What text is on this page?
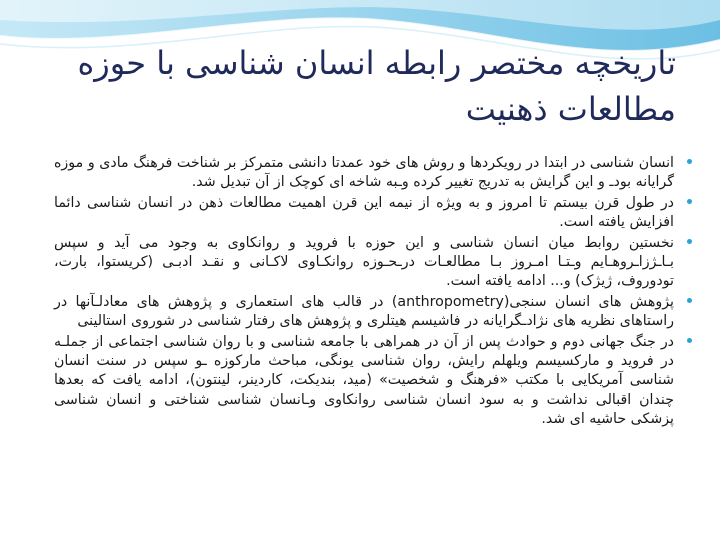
تاریخچه مختصر رابطه انسان شناسی با حوزه مطالعات ذهنیت
انسان شناسی در ابتدا در رویکردها و روش های خود عمدتا دانشی متمرکز بر شناخت فرهنگ مادی و موزه گرایانه بودـ و این گرایش به تدریج تغییر کرده وـبه شاخه ای کوچک از آن تبدیل شد.
در طول قرن بیستم تا امروز و به ویژه از نیمه این قرن اهمیت مطالعات ذهن در انسان شناسی دائما افزایش یافته است.
نخستین روابط میان انسان شناسی و این حوزه با فروید و روانکاوی به وجود می آید و سپس بـاـژزاـروهـایم وـتـا امـروز بـا مطالعـات درـحـوزه روانکـاوی لاکـانی و نقـد ادبـی (کریستوا، بارت، تودوروف، ژیژک) و... ادامه یافته است.
پژوهش های انسان سنجی(anthropometry) در قالب های استعماری و پژوهش های معادلـآنها در راستاهای نظریه های نژادـگرایانه در فاشیسم هیتلری و پژوهش های رفتار شناسی در شوروی استالینی
در جنگ جهانی دوم و حوادث پس از آن در همراهی با جامعه شناسی و با روان شناسی اجتماعی از جملـه در فروید و مارکسیسم ویلهلم رایش، روان شناسی یونگی، مباحث مارکوزه ـو سپس در سنت انسان شناسی آمریکایی با مکتب «فرهنگ و شخصیت» (مید، بندیکت، کاردینر، لینتون)، ادامه یافت که بعدها چندان اقبالی نداشت و به سود انسان شناسی روانکاوی وـانسان شناسی شناختی و انسان شناسی پزشکی حاشیه ای شد.
